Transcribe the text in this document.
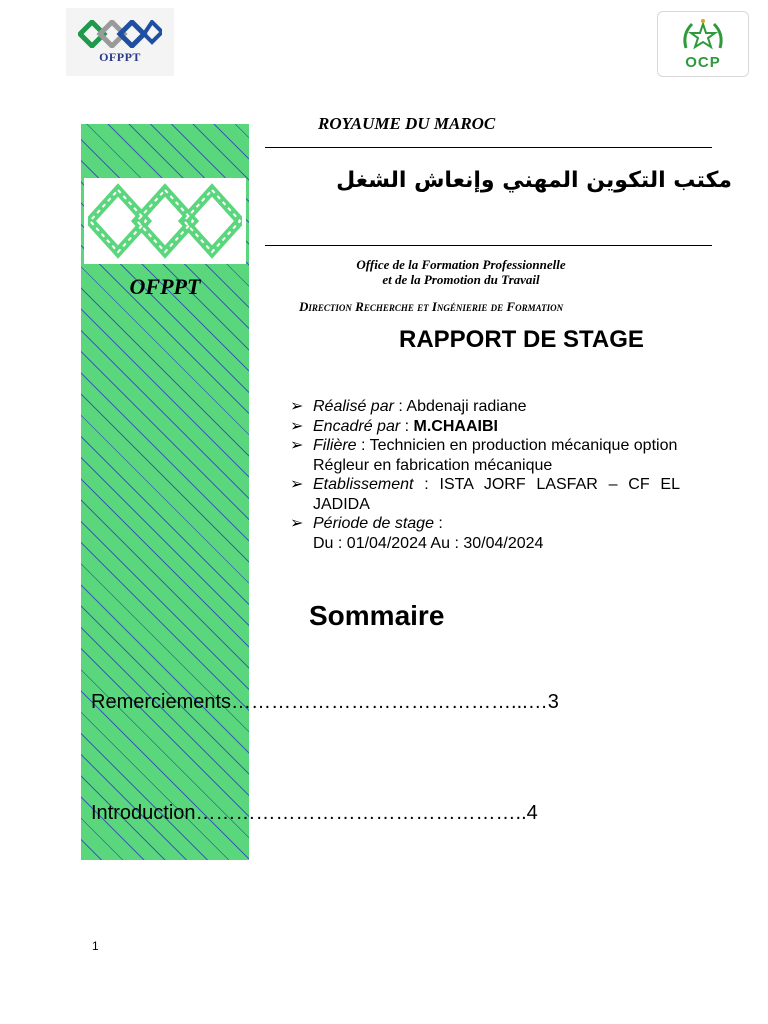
OFPPT	OCP
OFPPT
ROYAUME DU MAROC
مكتب التكوين المهني وإنعاش الشغل
Office de la Formation Professionnelle
et de la Promotion du Travail
Direction Recherche et Ingénierie de Formation
RAPPORT DE STAGE
➢ Réalisé par : Abdenaji radiane
➢ Encadré par : M.CHAAIBI
➢ Filière : Technicien en production mécanique option Régleur en fabrication mécanique
➢ Etablissement : ISTA JORF LASFAR – CF EL JADIDA
➢ Période de stage :
Du : 01/04/2024 Au : 30/04/2024
Sommaire
Remerciements……………………………………...…3
Introduction…………………………………………..4
1
